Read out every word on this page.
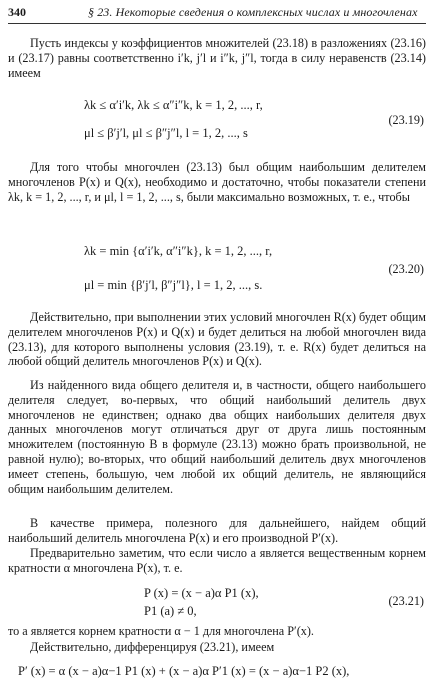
340	§ 23. Некоторые сведения о комплексных числах и многочленах

Пусть индексы у коэффициентов множителей (23.18) в разложениях (23.16) и (23.17) равны соответственно i′k, j′l и i″k, j″l, тогда в силу неравенств (23.14) имеем

λk ≤ α′i′k, λk ≤ α″i″k, k = 1, 2, ..., r,
μl ≤ β′j′l, μl ≤ β″j″l, l = 1, 2, ..., s
(23.19)

Для того чтобы многочлен (23.13) был общим наибольшим делителем многочленов P(x) и Q(x), необходимо и достаточно, чтобы показатели степени λk, k = 1, 2, ..., r, и μl, l = 1, 2, ..., s, были максимально возможных, т. е., чтобы

λk = min {α′i′k, α″i″k}, k = 1, 2, ..., r,
μl = min {β′j′l, β″j″l}, l = 1, 2, ..., s.
(23.20)

Действительно, при выполнении этих условий многочлен R(x) будет общим делителем многочленов P(x) и Q(x) и будет делиться на любой многочлен вида (23.13), для которого выполнены условия (23.19), т. е. R(x) будет делиться на любой общий делитель многочленов P(x) и Q(x).

Из найденного вида общего делителя и, в частности, общего наибольшего делителя следует, во-первых, что общий наибольший делитель двух многочленов не единствен; однако два общих наибольших делителя двух данных многочленов могут отличаться друг от друга лишь постоянным множителем (постоянную B в формуле (23.13) можно брать произвольной, не равной нулю); во-вторых, что общий наибольший делитель двух многочленов имеет степень, большую, чем любой их общий делитель, не являющийся общим наибольшим делителем.

В качестве примера, полезного для дальнейшего, найдем общий наибольший делитель многочлена P(x) и его производной P′(x).

Предварительно заметим, что если число a является вещественным корнем кратности α многочлена P(x), т. е.

P (x) = (x − a)α P1 (x),
P1 (a) ≠ 0,
(23.21)

то a является корнем кратности α − 1 для многочлена P′(x).

Действительно, дифференцируя (23.21), имеем

P′ (x) = α (x − a)α−1 P1 (x) + (x − a)α P′1 (x) = (x − a)α−1 P2 (x),
